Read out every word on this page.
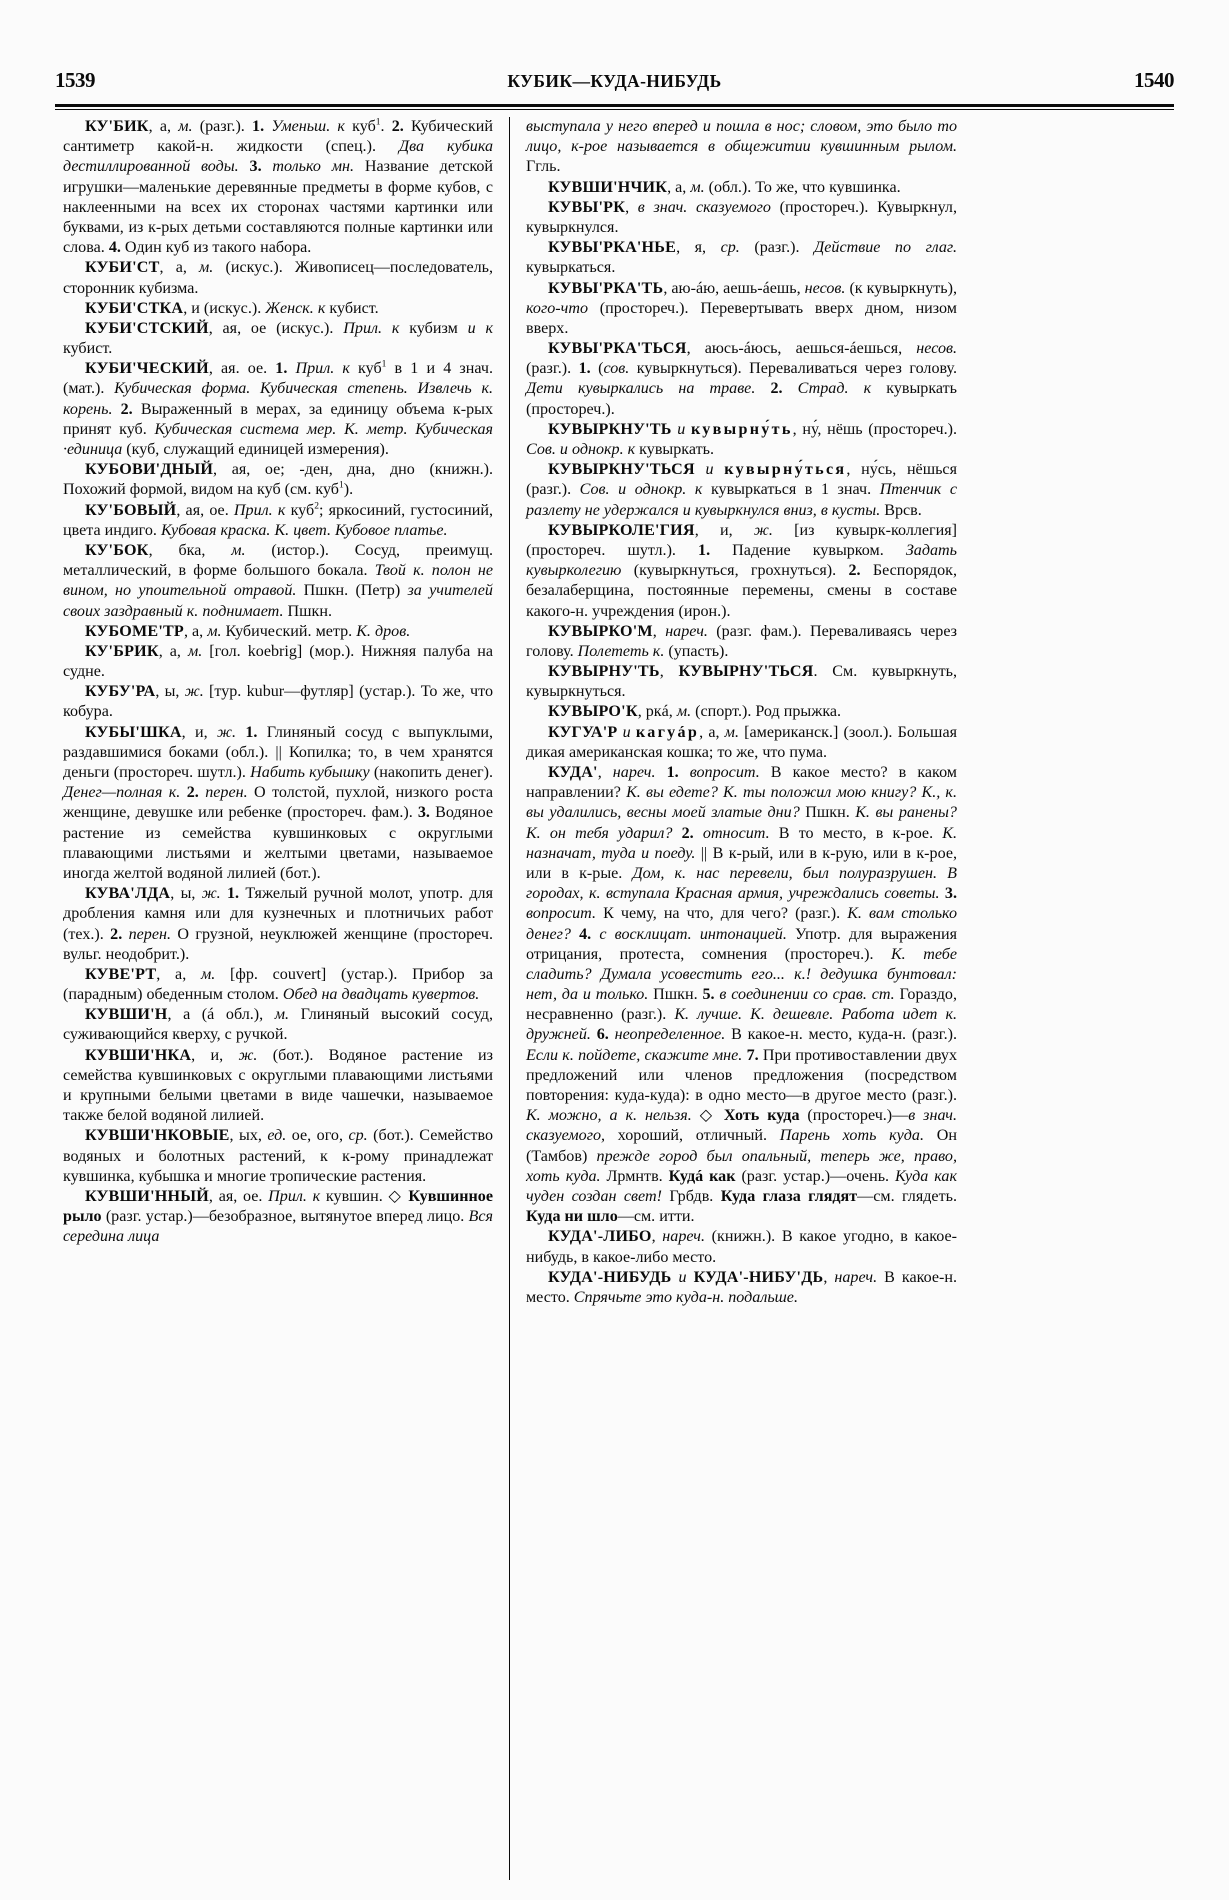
1539	КУБИК—КУДА-НИБУДЬ	1540

КУ'БИК, а, м. (разг.). 1. Уменьш. к куб$^1$. 2. Кубический сантиметр какой-н. жидкости (спец.). Два кубика дестиллированной воды. 3. только мн. Название детской игрушки—маленькие деревянные предметы в форме кубов, с наклеенными на всех их сторонах частями картинки или буквами, из к-рых детьми составляются полные картинки или слова. 4. Один куб из такого набора.

КУБИ'СТ, а, м. (искус.). Живописец—последователь, сторонник кубизма.

КУБИ'СТКА, и (искус.). Женск. к кубист.

КУБИ'СТСКИЙ, ая, ое (искус.). Прил. к кубизм и к кубист.

КУБИ'ЧЕСКИЙ, ая. ое. 1. Прил. к куб$^1$ в 1 и 4 знач. (мат.). Кубическая форма. Кубическая степень. Извлечь к. корень. 2. Выраженный в мерах, за единицу объема к-рых принят куб. Кубическая система мер. К. метр. Кубическая ·единица (куб, служащий единицей измерения).

КУБОВИ'ДНЫЙ, ая, ое; -ден, дна, дно (книжн.). Похожий формой, видом на куб (см. куб$^1$).

КУ'БОВЫЙ, ая, ое. Прил. к куб$^2$; яркосиний, густосиний, цвета индиго. Кубовая краска. К. цвет. Кубовое платье.

КУ'БОК, бка, м. (истор.). Сосуд, преимущ. металлический, в форме большого бокала. Твой к. полон не вином, но упоительной отравой. Пшкн. (Петр) за учителей своих заздравный к. поднимает. Пшкн.

КУБОМЕ'ТР, а, м. Кубический. метр. К. дров.

КУ'БРИК, а, м. [гол. koebrig] (мор.). Нижняя палуба на судне.

КУБУ'РА, ы, ж. [тур. kubur—футляр] (устар.). То же, что кобура.

КУБЫ'ШКА, и, ж. 1. Глиняный сосуд с выпуклыми, раздавшимися боками (обл.). || Копилка; то, в чем хранятся деньги (простореч. шутл.). Набить кубышку (накопить денег). Денег—полная к. 2. перен. О толстой, пухлой, низкого роста женщине, девушке или ребенке (простореч. фам.). 3. Водяное растение из семейства кувшинковых с округлыми плавающими листьями и желтыми цветами, называемое иногда желтой водяной лилией (бот.).

КУВА'ЛДА, ы, ж. 1. Тяжелый ручной молот, употр. для дробления камня или для кузнечных и плотничьих работ (тех.). 2. перен. О грузной, неуклюжей женщине (простореч. вульг. неодобрит.).

КУВЕ'РТ, а, м. [фр. couvert] (устар.). Прибор за (парадным) обеденным столом. Обед на двадцать кувертов.

КУВШИ'Н, а (á обл.), м. Глиняный высокий сосуд, суживающийся кверху, с ручкой.

КУВШИ'НКА, и, ж. (бот.). Водяное растение из семейства кувшинковых с округлыми плавающими листьями и крупными белыми цветами в виде чашечки, называемое также белой водяной лилией.

КУВШИ'НКОВЫЕ, ых, ед. ое, ого, ср. (бот.). Семейство водяных и болотных растений, к к-рому принадлежат кувшинка, кубышка и многие тропические растения.

КУВШИ'ННЫЙ, ая, ое. Прил. к кувшин. ◇ Кувшинное рыло (разг. устар.)—безобразное, вытянутое вперед лицо. Вся середина лица

выступала у него вперед и пошла в нос; словом, это было то лицо, к-рое называется в общежитии кувшинным рылом. Ггль.

КУВШИ'НЧИК, а, м. (обл.). То же, что кувшинка.

КУВЫ'РК, в знач. сказуемого (простореч.). Кувыркнул, кувыркнулся.

КУВЫ'РКА'НЬЕ, я, ср. (разг.). Действие по глаг. кувыркаться.

КУВЫ'РКА'ТЬ, аю-áю, аешь-áешь, несов. (к кувыркнуть), кого-что (простореч.). Перевертывать вверх дном, низом вверх.

КУВЫ'РКА'ТЬСЯ, аюсь-áюсь, аешься-áешься, несов. (разг.). 1. (сов. кувыркнуться). Переваливаться через голову. Дети кувыркались на траве. 2. Страд. к кувыркать (простореч.).

КУВЫРКНУ'ТЬ и кувырну́ть, ну́, нёшь (простореч.). Сов. и однокр. к кувыркать.

КУВЫРКНУ'ТЬСЯ и кувырну́ться, ну́сь, нёшься (разг.). Сов. и однокр. к кувыркаться в 1 знач. Птенчик с разлету не удержался и кувыркнулся вниз, в кусты. Врсв.

КУВЫРКОЛЕ'ГИЯ, и, ж. [из кувырк-коллегия] (простореч. шутл.). 1. Падение кувырком. Задать кувырколегию (кувыркнуться, грохнуться). 2. Беспорядок, безалаберщина, постоянные перемены, смены в составе какого-н. учреждения (ирон.).

КУВЫРКО'М, нареч. (разг. фам.). Переваливаясь через голову. Полететь к. (упасть).

КУВЫРНУ'ТЬ, КУВЫРНУ'ТЬСЯ. См. кувыркнуть, кувыркнуться.

КУВЫРО'К, ркá, м. (спорт.). Род прыжка.

КУГУА'Р и кагуáр, а, м. [американск.] (зоол.). Большая дикая американская кошка; то же, что пума.

КУДА', нареч. 1. вопросит. В какое место? в каком направлении? К. вы едете? К. ты положил мою книгу? К., к. вы удалились, весны моей златые дни? Пшкн. К. вы ранены? К. он тебя ударил? 2. относит. В то место, в к-рое. К. назначат, туда и поеду. || В к-рый, или в к-рую, или в к-рое, или в к-рые. Дом, к. нас перевели, был полуразрушен. В городах, к. вступала Красная армия, учреждались советы. 3. вопросит. К чему, на что, для чего? (разг.). К. вам столько денег? 4. с восклицат. интонацией. Употр. для выражения отрицания, протеста, сомнения (простореч.). К. тебе сладить? Думала усовестить его... к.! дедушка бунтовал: нет, да и только. Пшкн. 5. в соединении со срав. ст. Гораздо, несравненно (разг.). К. лучше. К. дешевле. Работа идет к. дружней. 6. неопределенное. В какое-н. место, куда-н. (разг.). Если к. пойдете, скажите мне. 7. При противоставлении двух предложений или членов предложения (посредством повторения: куда-куда): в одно место—в другое место (разг.). К. можно, а к. нельзя. ◇ Хоть куда (простореч.)—в знач. сказуемого, хороший, отличный. Парень хоть куда. Он (Тамбов) прежде город был опальный, теперь же, право, хоть куда. Лрмнтв. Кудá как (разг. устар.)—очень. Куда как чуден создан свет! Грбдв. Куда глаза глядят—см. глядеть. Куда ни шло—см. итти.

КУДА'-ЛИБО, нареч. (книжн.). В какое угодно, в какое-нибудь, в какое-либо место.

КУДА'-НИБУДЬ и КУДА'-НИБУ'ДЬ, нареч. В какое-н. место. Спрячьте это куда-н. подальше.
